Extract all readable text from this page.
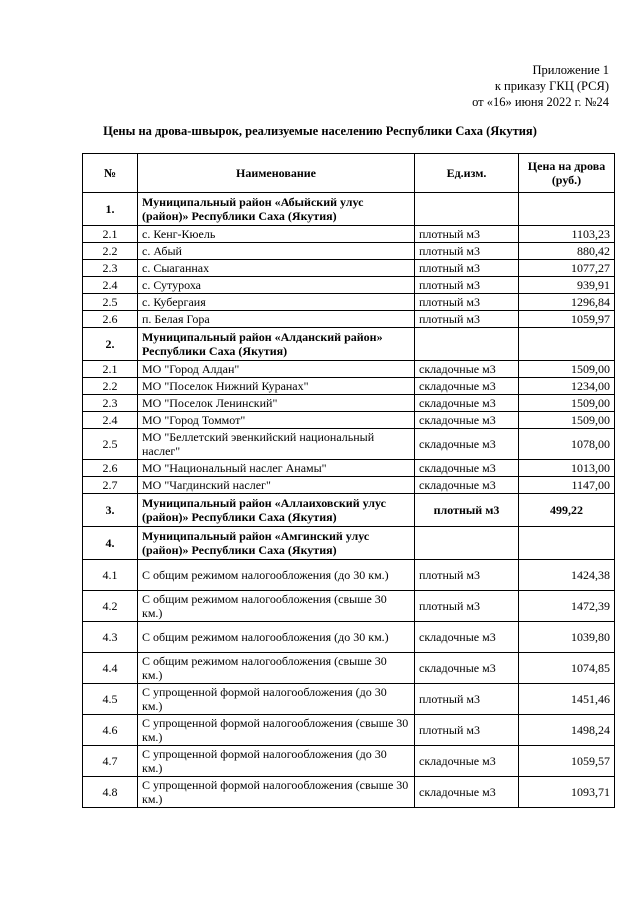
Приложение 1
к приказу ГКЦ (РСЯ)
от «16» июня 2022 г. №24
Цены на дрова-швырок, реализуемые населению Республики Саха (Якутия)
№	Наименование	Ед.изм.	Цена на дрова (руб.)
1.	Муниципальный район «Абыйский улус (район)» Республики Саха (Якутия)		
2.1	с. Кенг-Кюель	плотный м3	1103,23
2.2	с. Абый	плотный м3	880,42
2.3	с. Сыаганнах	плотный м3	1077,27
2.4	с. Сутуроха	плотный м3	939,91
2.5	с. Кубергаия	плотный м3	1296,84
2.6	п. Белая Гора	плотный м3	1059,97
2.	Муниципальный район «Алданский район» Республики Саха (Якутия)		
2.1	МО "Город Алдан"	складочные м3	1509,00
2.2	МО "Поселок Нижний Куранах"	складочные м3	1234,00
2.3	МО "Поселок Ленинский"	складочные м3	1509,00
2.4	МО "Город Томмот"	складочные м3	1509,00
2.5	МО "Беллетский эвенкийский национальный наслег"	складочные м3	1078,00
2.6	МО "Национальный наслег Анамы"	складочные м3	1013,00
2.7	МО "Чагдинский наслег"	складочные м3	1147,00
3.	Муниципальный район «Аллаиховский улус (район)» Республики Саха (Якутия)	плотный м3	499,22
4.	Муниципальный район «Амгинский улус (район)» Республики Саха (Якутия)		
4.1	С общим режимом налогообложения (до 30 км.)	плотный м3	1424,38
4.2	С общим режимом налогообложения (свыше 30 км.)	плотный м3	1472,39
4.3	С общим режимом налогообложения (до 30 км.)	складочные м3	1039,80
4.4	С общим режимом налогообложения (свыше 30 км.)	складочные м3	1074,85
4.5	С упрощенной формой налогообложения (до 30 км.)	плотный м3	1451,46
4.6	С упрощенной формой налогообложения (свыше 30 км.)	плотный м3	1498,24
4.7	С упрощенной формой налогообложения (до 30 км.)	складочные м3	1059,57
4.8	С упрощенной формой налогообложения (свыше 30 км.)	складочные м3	1093,71
